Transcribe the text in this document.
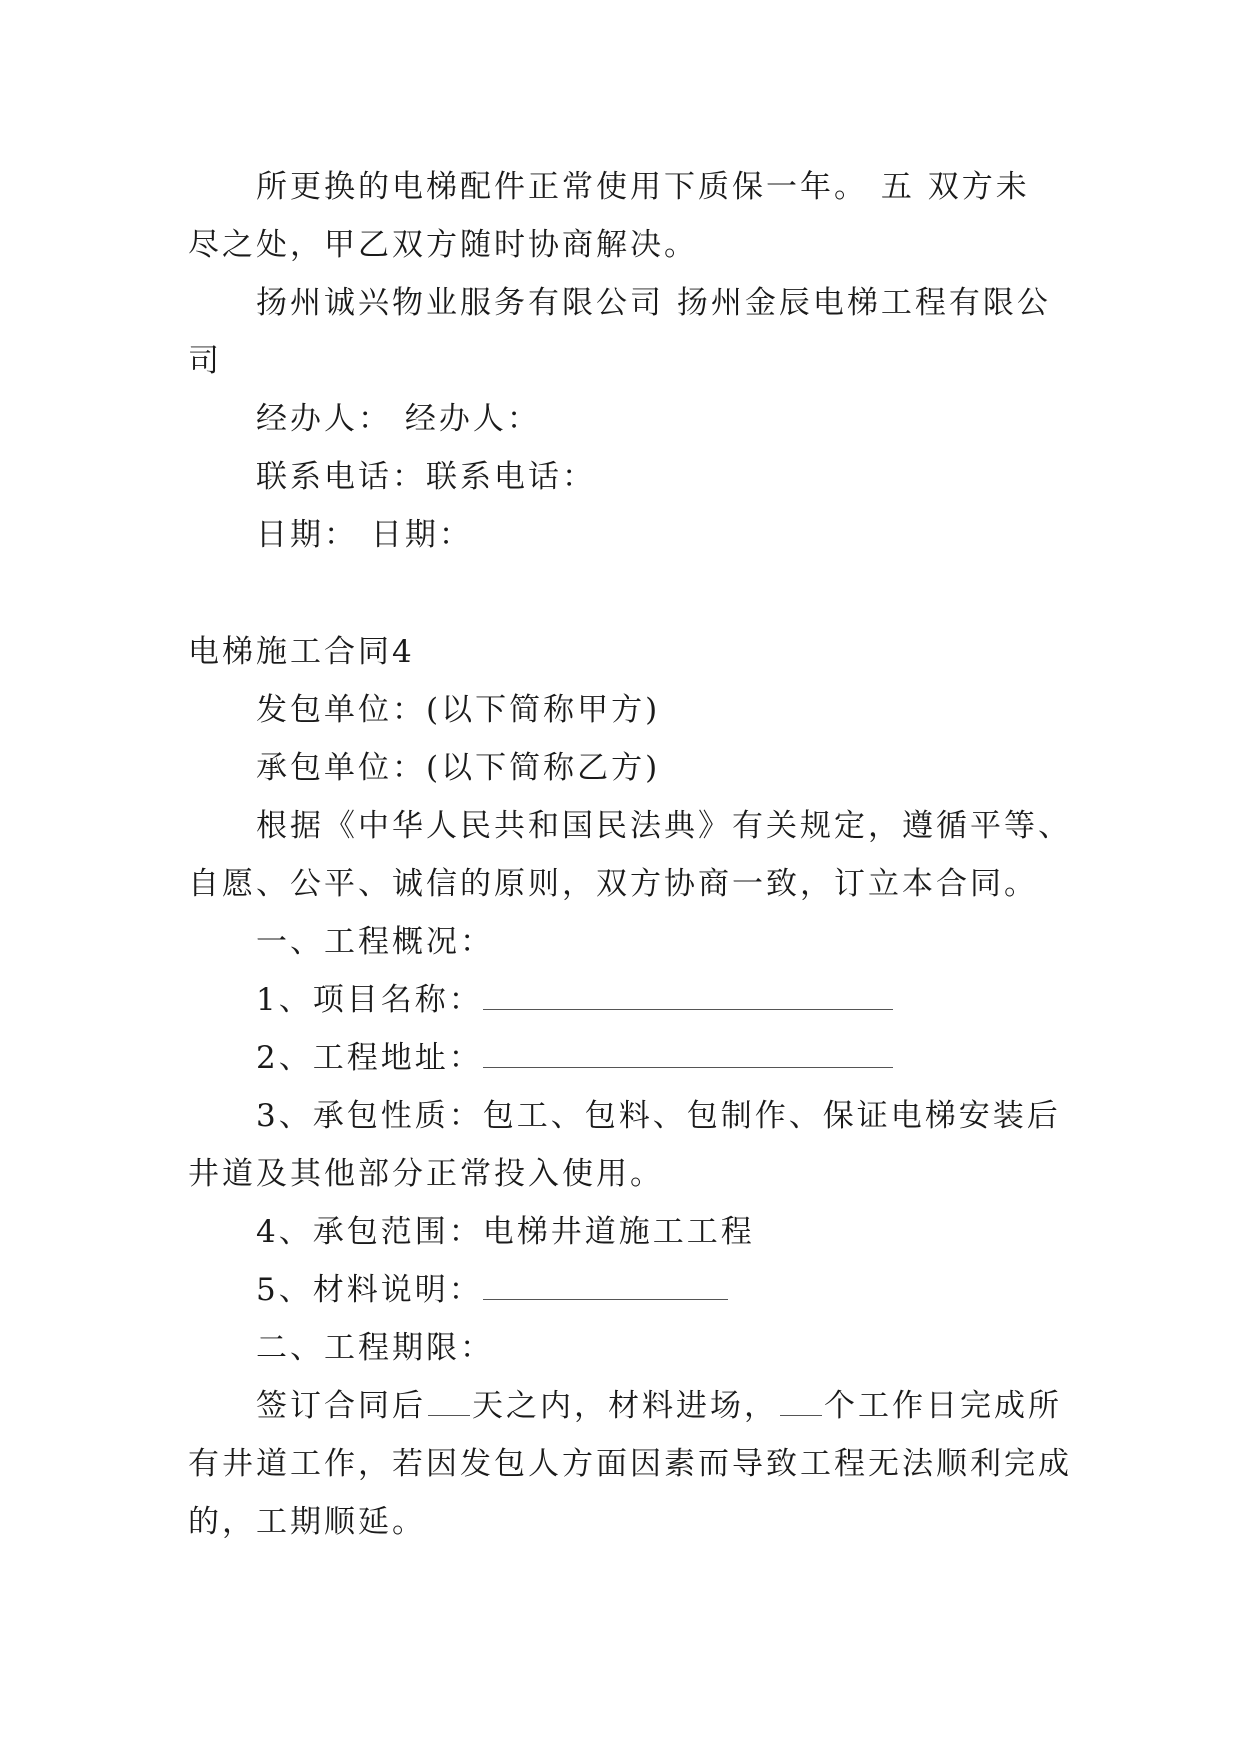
所更换的电梯配件正常使用下质保一年。 五 双方未
尽之处，甲乙双方随时协商解决。
扬州诚兴物业服务有限公司 扬州金辰电梯工程有限公
司
经办人： 经办人：
联系电话：联系电话：
日期： 日期：
电梯施工合同4
发包单位：(以下简称甲方)
承包单位：(以下简称乙方)
根据《中华人民共和国民法典》有关规定，遵循平等、
自愿、公平、诚信的原则，双方协商一致，订立本合同。
一、工程概况：
1、项目名称：
2、工程地址：
3、承包性质：包工、包料、包制作、保证电梯安装后
井道及其他部分正常投入使用。
4、承包范围：电梯井道施工工程
5、材料说明：
二、工程期限：
签订合同后 天之内，材料进场， 个工作日完成所
有井道工作，若因发包人方面因素而导致工程无法顺利完成
的，工期顺延。
